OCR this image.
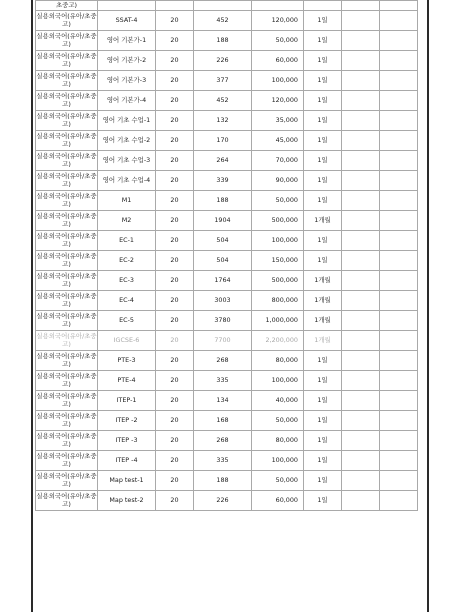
초중고)							
실용외국어(유아/초중고)	SSAT-4	20	452	120,000	1일		
실용외국어(유아/초중고)	영어 기본가-1	20	188	50,000	1일		
실용외국어(유아/초중고)	영어 기본가-2	20	226	60,000	1일		
실용외국어(유아/초중고)	영어 기본가-3	20	377	100,000	1일		
실용외국어(유아/초중고)	영어 기본가-4	20	452	120,000	1일		
실용외국어(유아/초중고)	영어 기초 수업-1	20	132	35,000	1일		
실용외국어(유아/초중고)	영어 기초 수업-2	20	170	45,000	1일		
실용외국어(유아/초중고)	영어 기초 수업-3	20	264	70,000	1일		
실용외국어(유아/초중고)	영어 기초 수업-4	20	339	90,000	1일		
실용외국어(유아/초중고)	M1	20	188	50,000	1일		
실용외국어(유아/초중고)	M2	20	1904	500,000	1개월		
실용외국어(유아/초중고)	EC-1	20	504	100,000	1일		
실용외국어(유아/초중고)	EC-2	20	504	150,000	1일		
실용외국어(유아/초중고)	EC-3	20	1764	500,000	1개월		
실용외국어(유아/초중고)	EC-4	20	3003	800,000	1개월		
실용외국어(유아/초중고)	EC-5	20	3780	1,000,000	1개월		
실용외국어(유아/초중고)	IGCSE-6	20	7700	2,200,000	1개월		
실용외국어(유아/초중고)	PTE-3	20	268	80,000	1일		
실용외국어(유아/초중고)	PTE-4	20	335	100,000	1일		
실용외국어(유아/초중고)	ITEP-1	20	134	40,000	1일		
실용외국어(유아/초중고)	ITEP -2	20	168	50,000	1일		
실용외국어(유아/초중고)	ITEP -3	20	268	80,000	1일		
실용외국어(유아/초중고)	ITEP -4	20	335	100,000	1일		
실용외국어(유아/초중고)	Map test-1	20	188	50,000	1일		
실용외국어(유아/초중고)	Map test-2	20	226	60,000	1일		
